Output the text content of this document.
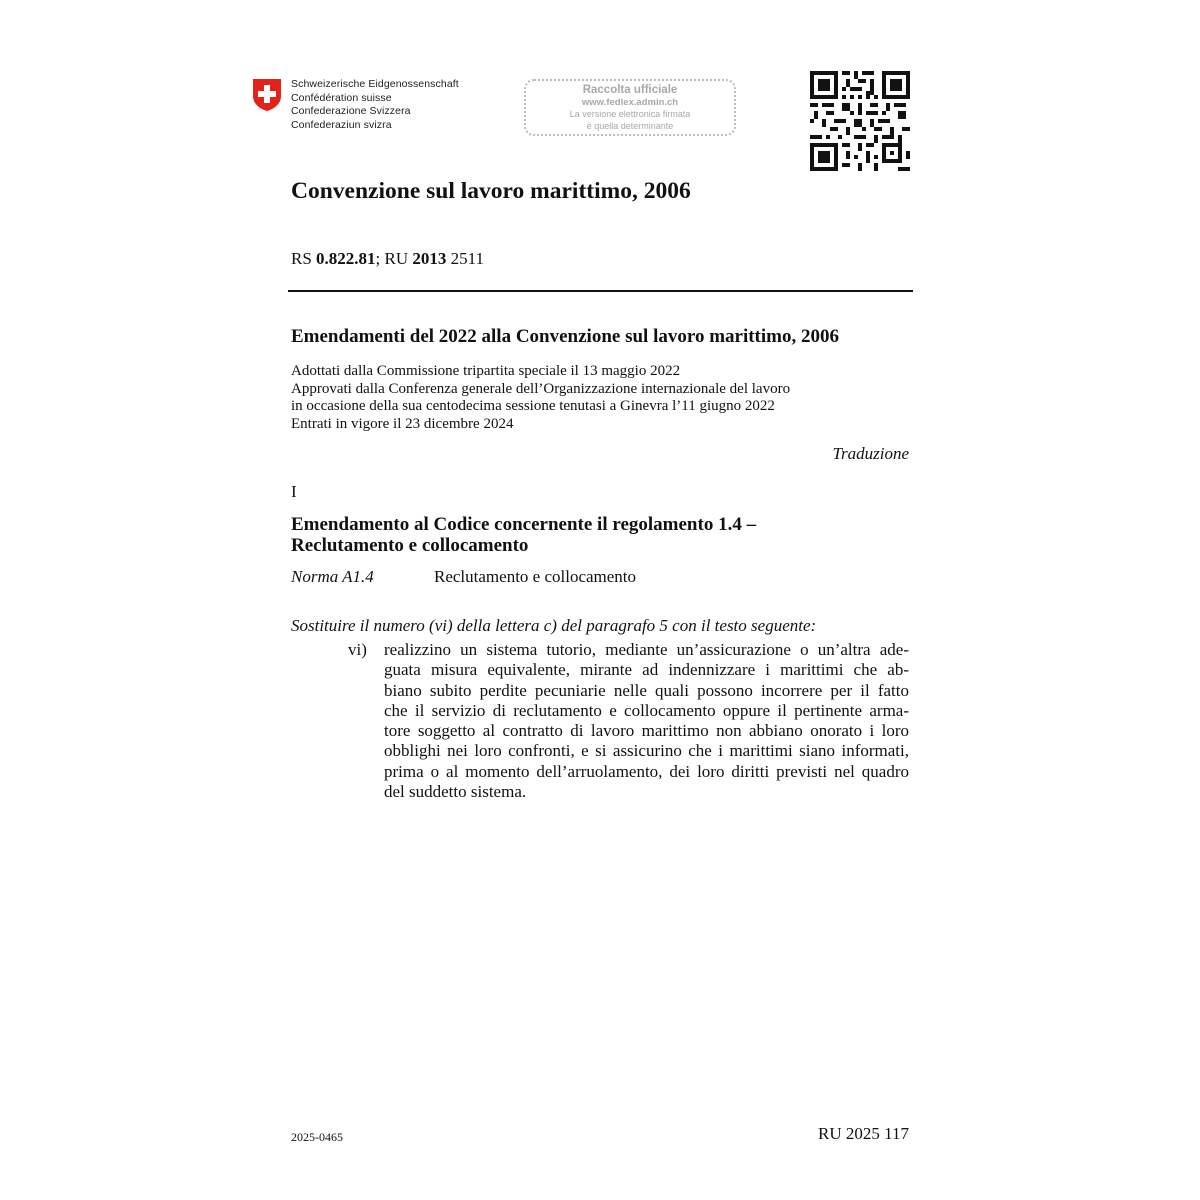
Schweizerische Eidgenossenschaft
Confédération suisse
Confederazione Svizzera
Confederaziun svizra
Raccolta ufficiale
www.fedlex.admin.ch
La versione elettronica firmata
è quella determinante
Convenzione sul lavoro marittimo, 2006
RS 0.822.81; RU 2013 2511
Emendamenti del 2022 alla Convenzione sul lavoro marittimo, 2006
Adottati dalla Commissione tripartita speciale il 13 maggio 2022
Approvati dalla Conferenza generale dell’Organizzazione internazionale del lavoro
in occasione della sua centodecima sessione tenutasi a Ginevra l’11 giugno 2022
Entrati in vigore il 23 dicembre 2024
Traduzione
I
Emendamento al Codice concernente il regolamento 1.4 –
Reclutamento e collocamento
Norma A1.4	Reclutamento e collocamento
Sostituire il numero (vi) della lettera c) del paragrafo 5 con il testo seguente:
vi) realizzino un sistema tutorio, mediante un’assicurazione o un’altra ade-
guata misura equivalente, mirante ad indennizzare i marittimi che ab-
biano subito perdite pecuniarie nelle quali possono incorrere per il fatto
che il servizio di reclutamento e collocamento oppure il pertinente arma-
tore soggetto al contratto di lavoro marittimo non abbiano onorato i loro
obblighi nei loro confronti, e si assicurino che i marittimi siano informati,
prima o al momento dell’arruolamento, dei loro diritti previsti nel quadro
del suddetto sistema.
2025-0465	RU 2025 117
